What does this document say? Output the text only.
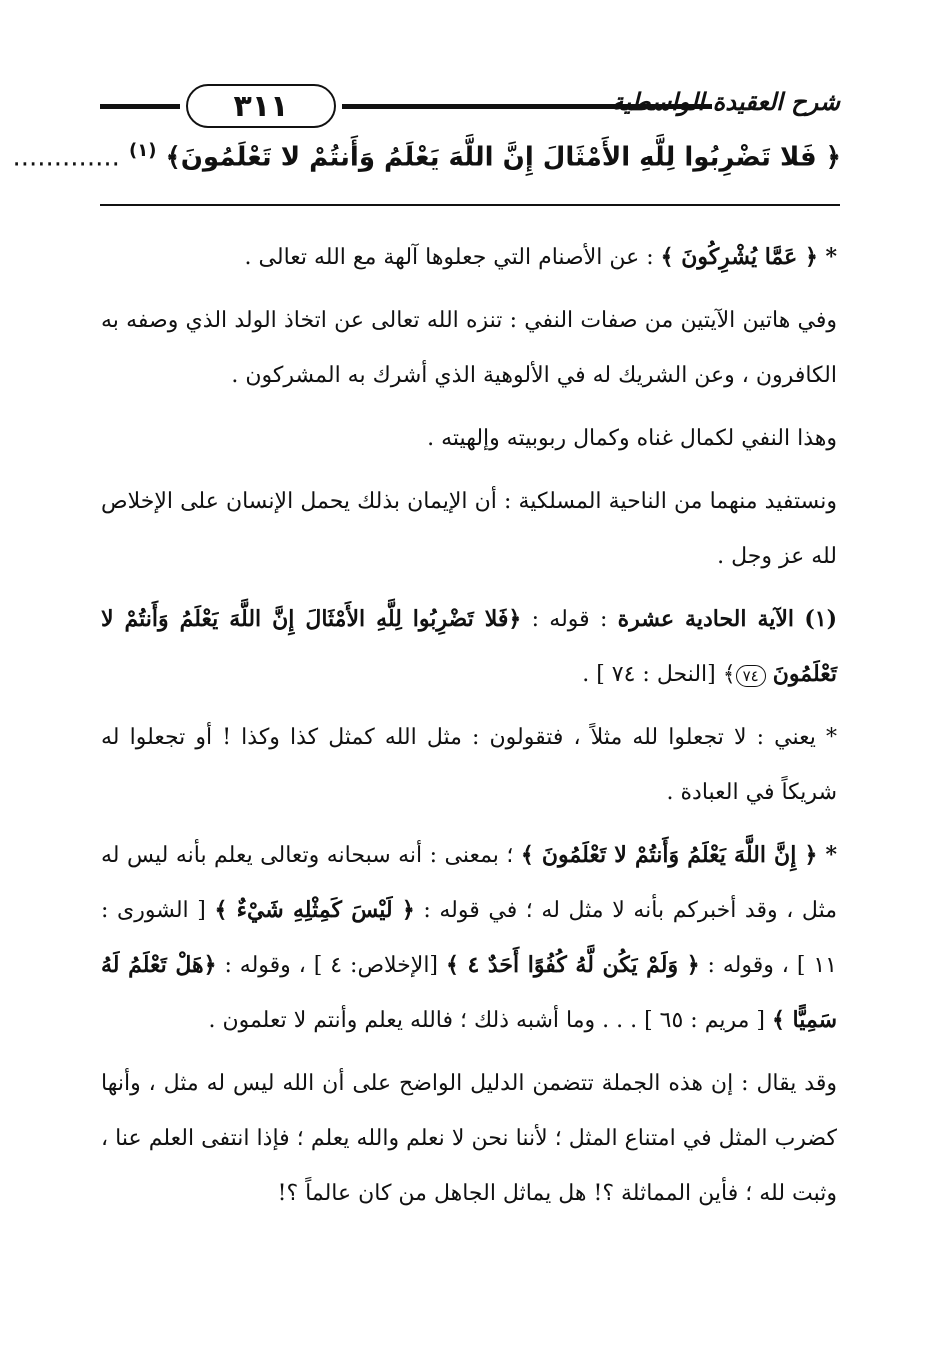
٣١١	شرح العقيدة الواسطية
﴿ فَلا تَضْرِبُوا لِلَّهِ الأَمْثَالَ إِنَّ اللَّهَ يَعْلَمُ وَأَنتُمْ لا تَعْلَمُونَ﴾ $^{(١)}$ .............

* ﴿ عَمَّا يُشْرِكُونَ ﴾ : عن الأصنام التي جعلوها آلهة مع الله تعالى .

وفي هاتين الآيتين من صفات النفي : تنزه الله تعالى عن اتخاذ الولد الذي وصفه به الكافرون ، وعن الشريك له في الألوهية الذي أشرك به المشركون .

وهذا النفي لكمال غناه وكمال ربوبيته وإلهيته .

ونستفيد منهما من الناحية المسلكية : أن الإيمان بذلك يحمل الإنسان على الإخلاص لله عز وجل .

(١) الآية الحادية عشرة : قوله : ﴿فَلا تَضْرِبُوا لِلَّهِ الأَمْثَالَ إِنَّ اللَّهَ يَعْلَمُ وَأَنتُمْ لا تَعْلَمُونَ ٧٤﴾ [النحل : ٧٤ ] .

* يعني : لا تجعلوا لله مثلاً ، فتقولون : مثل الله كمثل كذا وكذا ! أو تجعلوا له شريكاً في العبادة .

* ﴿ إِنَّ اللَّهَ يَعْلَمُ وَأَنتُمْ لا تَعْلَمُونَ ﴾ ؛ بمعنى : أنه سبحانه وتعالى يعلم بأنه ليس له مثل ، وقد أخبركم بأنه لا مثل له ؛ في قوله : ﴿ لَيْسَ كَمِثْلِهِ شَيْءٌ ﴾ [ الشورى : ١١ ] ، وقوله : ﴿ وَلَمْ يَكُن لَّهُ كُفُوًا أَحَدٌ ٤ ﴾ [الإخلاص: ٤ ] ، وقوله : ﴿هَلْ تَعْلَمُ لَهُ سَمِيًّا ﴾ [ مريم : ٦٥ ] . . . وما أشبه ذلك ؛ فالله يعلم وأنتم لا تعلمون .

وقد يقال : إن هذه الجملة تتضمن الدليل الواضح على أن الله ليس له مثل ، وأنها كضرب المثل في امتناع المثل ؛ لأننا نحن لا نعلم والله يعلم ؛ فإذا انتفى العلم عنا ، وثبت لله ؛ فأين المماثلة ؟! هل يماثل الجاهل من كان عالماً ؟!
